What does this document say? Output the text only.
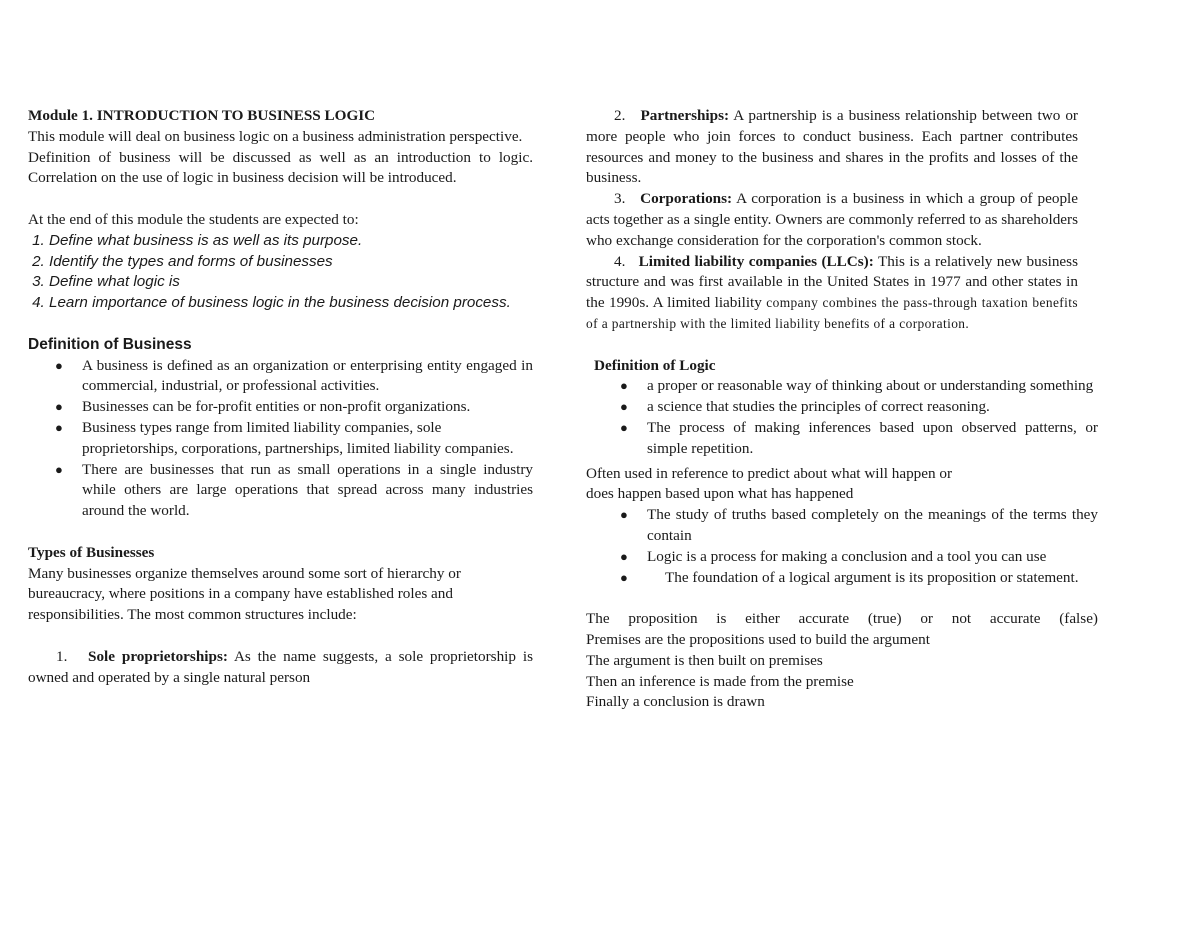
Module 1. INTRODUCTION TO BUSINESS LOGIC

This module will deal on business logic on a business administration perspective.

Definition of business will be discussed as well as an introduction to logic. Correlation on the use of logic in business decision will be introduced.

At the end of this module the students are expected to:

1. Define what business is as well as its purpose.
2. Identify the types and forms of businesses
3. Define what logic is
4. Learn importance of business logic in the business decision process.

Definition of Business

● A business is defined as an organization or enterprising entity engaged in commercial, industrial, or professional activities.
● Businesses can be for-profit entities or non-profit organizations.
● Business types range from limited liability companies, sole proprietorships, corporations, partnerships, limited liability companies.
● There are businesses that run as small operations in a single industry while others are large operations that spread across many industries around the world.

Types of Businesses

Many businesses organize themselves around some sort of hierarchy or bureaucracy, where positions in a company have established roles and responsibilities. The most common structures include:

1. Sole proprietorships: As the name suggests, a sole proprietorship is owned and operated by a single natural person

2. Partnerships: A partnership is a business relationship between two or more people who join forces to conduct business. Each partner contributes resources and money to the business and shares in the profits and losses of the business.

3. Corporations: A corporation is a business in which a group of people acts together as a single entity. Owners are commonly referred to as shareholders who exchange consideration for the corporation's common stock.

4. Limited liability companies (LLCs): This is a relatively new business structure and was first available in the United States in 1977 and other states in the 1990s. A limited liability company combines the pass-through taxation benefits of a partnership with the limited liability benefits of a corporation.

Definition of Logic

● a proper or reasonable way of thinking about or understanding something
● a science that studies the principles of correct reasoning.
● The process of making inferences based upon observed patterns, or simple repetition.

Often used in reference to predict about what will happen or

does happen based upon what has happened

● The study of truths based completely on the meanings of the terms they contain
● Logic is a process for making a conclusion and a tool you can use
●	The foundation of a logical argument is its proposition or statement.

The proposition is either accurate (true) or not accurate (false)

Premises are the propositions used to build the argument

The argument is then built on premises

Then an inference is made from the premise

Finally a conclusion is drawn
